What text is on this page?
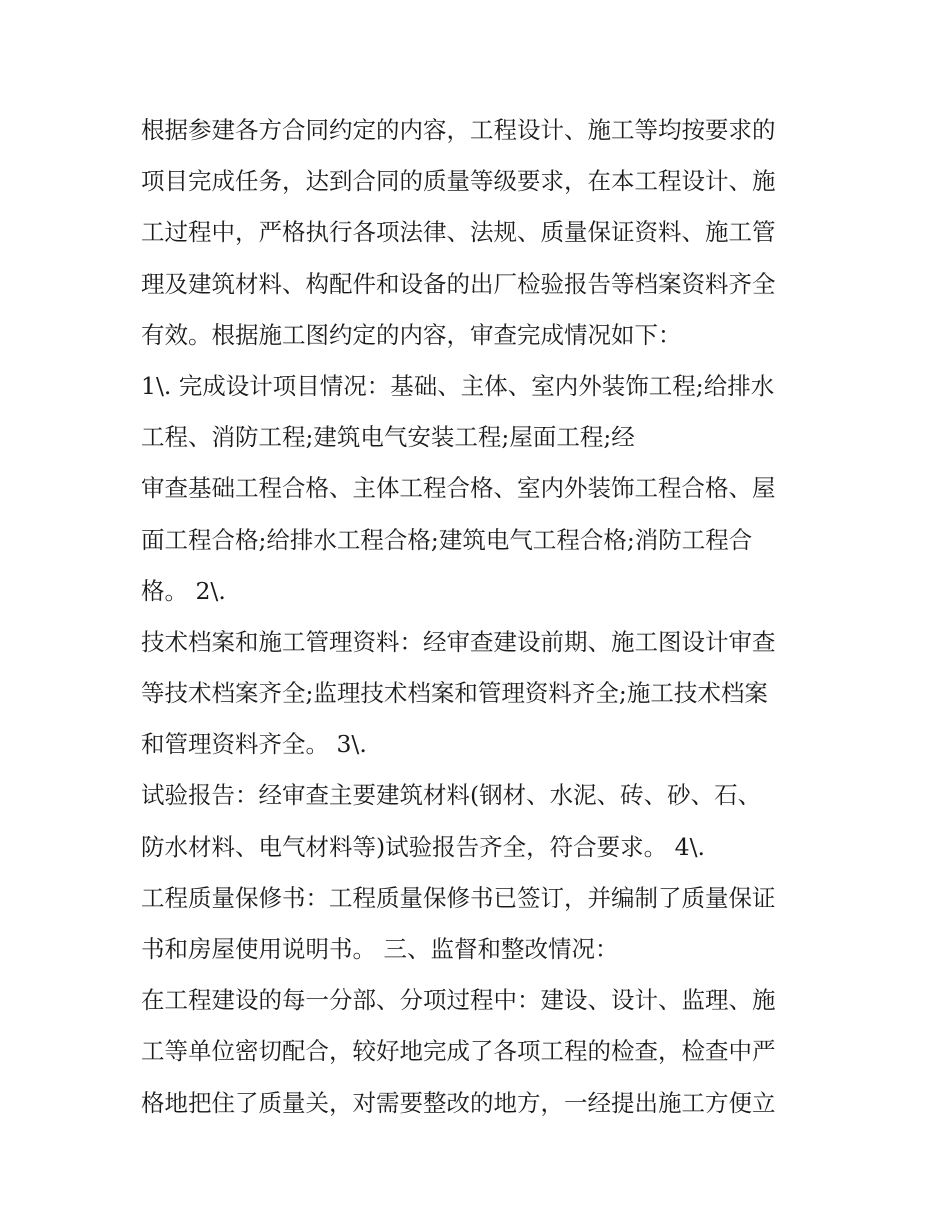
根据参建各方合同约定的内容，工程设计、施工等均按要求的
项目完成任务，达到合同的质量等级要求，在本工程设计、施
工过程中，严格执行各项法律、法规、质量保证资料、施工管
理及建筑材料、构配件和设备的出厂检验报告等档案资料齐全
有效。根据施工图约定的内容，审查完成情况如下：
1\. 完成设计项目情况：基础、主体、室内外装饰工程;给排水
工程、消防工程;建筑电气安装工程;屋面工程;经
审查基础工程合格、主体工程合格、室内外装饰工程合格、屋
面工程合格;给排水工程合格;建筑电气工程合格;消防工程合
格。 2\.
技术档案和施工管理资料：经审查建设前期、施工图设计审查
等技术档案齐全;监理技术档案和管理资料齐全;施工技术档案
和管理资料齐全。 3\.
试验报告：经审查主要建筑材料(钢材、水泥、砖、砂、石、
防水材料、电气材料等)试验报告齐全，符合要求。 4\.
工程质量保修书：工程质量保修书已签订，并编制了质量保证
书和房屋使用说明书。 三、监督和整改情况：
在工程建设的每一分部、分项过程中：建设、设计、监理、施
工等单位密切配合，较好地完成了各项工程的检查，检查中严
格地把住了质量关，对需要整改的地方，一经提出施工方便立
